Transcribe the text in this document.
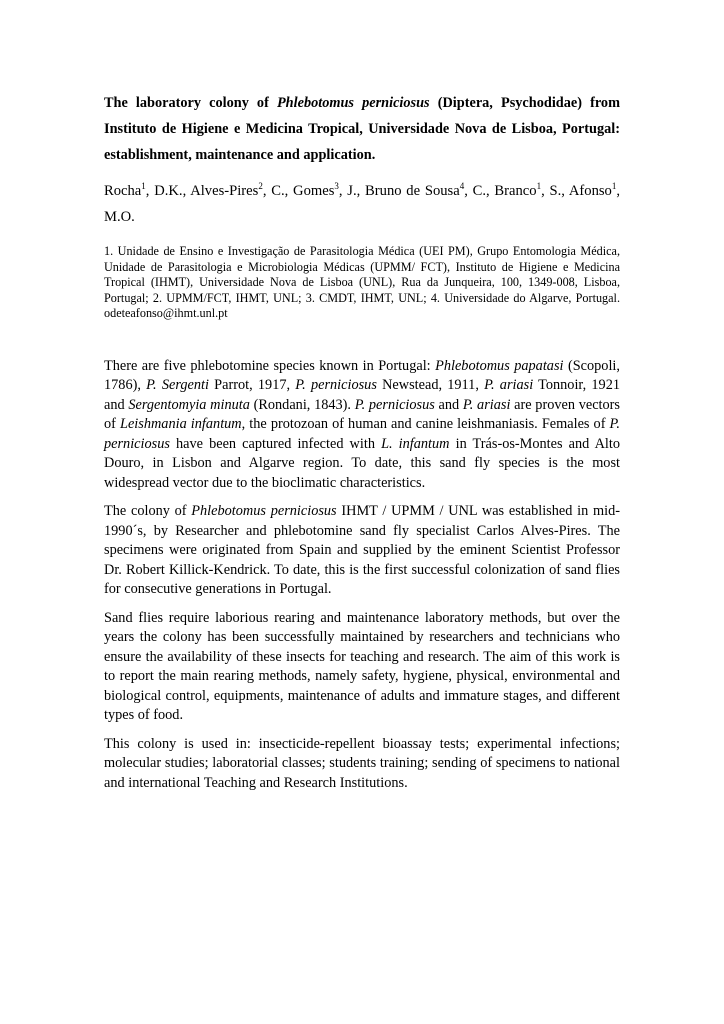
The laboratory colony of Phlebotomus perniciosus (Diptera, Psychodidae) from Instituto de Higiene e Medicina Tropical, Universidade Nova de Lisboa, Portugal: establishment, maintenance and application.

Rocha$^1$, D.K., Alves-Pires$^2$, C., Gomes$^3$, J., Bruno de Sousa$^4$, C., Branco$^1$, S., Afonso$^1$, M.O.

1. Unidade de Ensino e Investigação de Parasitologia Médica (UEI PM), Grupo Entomologia Médica, Unidade de Parasitologia e Microbiologia Médicas (UPMM/ FCT), Instituto de Higiene e Medicina Tropical (IHMT), Universidade Nova de Lisboa (UNL), Rua da Junqueira, 100, 1349-008, Lisboa, Portugal; 2. UPMM/FCT, IHMT, UNL; 3. CMDT, IHMT, UNL; 4. Universidade do Algarve, Portugal. odeteafonso@ihmt.unl.pt

There are five phlebotomine species known in Portugal: Phlebotomus papatasi (Scopoli, 1786), P. Sergenti Parrot, 1917, P. perniciosus Newstead, 1911, P. ariasi Tonnoir, 1921 and Sergentomyia minuta (Rondani, 1843). P. perniciosus and P. ariasi are proven vectors of Leishmania infantum, the protozoan of human and canine leishmaniasis. Females of P. perniciosus have been captured infected with L. infantum in Trás-os-Montes and Alto Douro, in Lisbon and Algarve region. To date, this sand fly species is the most widespread vector due to the bioclimatic characteristics.

The colony of Phlebotomus perniciosus IHMT / UPMM / UNL was established in mid-1990´s, by Researcher and phlebotomine sand fly specialist Carlos Alves-Pires. The specimens were originated from Spain and supplied by the eminent Scientist Professor Dr. Robert Killick-Kendrick. To date, this is the first successful colonization of sand flies for consecutive generations in Portugal.

Sand flies require laborious rearing and maintenance laboratory methods, but over the years the colony has been successfully maintained by researchers and technicians who ensure the availability of these insects for teaching and research. The aim of this work is to report the main rearing methods, namely safety, hygiene, physical, environmental and biological control, equipments, maintenance of adults and immature stages, and different types of food.

This colony is used in: insecticide-repellent bioassay tests; experimental infections; molecular studies; laboratorial classes; students training; sending of specimens to national and international Teaching and Research Institutions.
